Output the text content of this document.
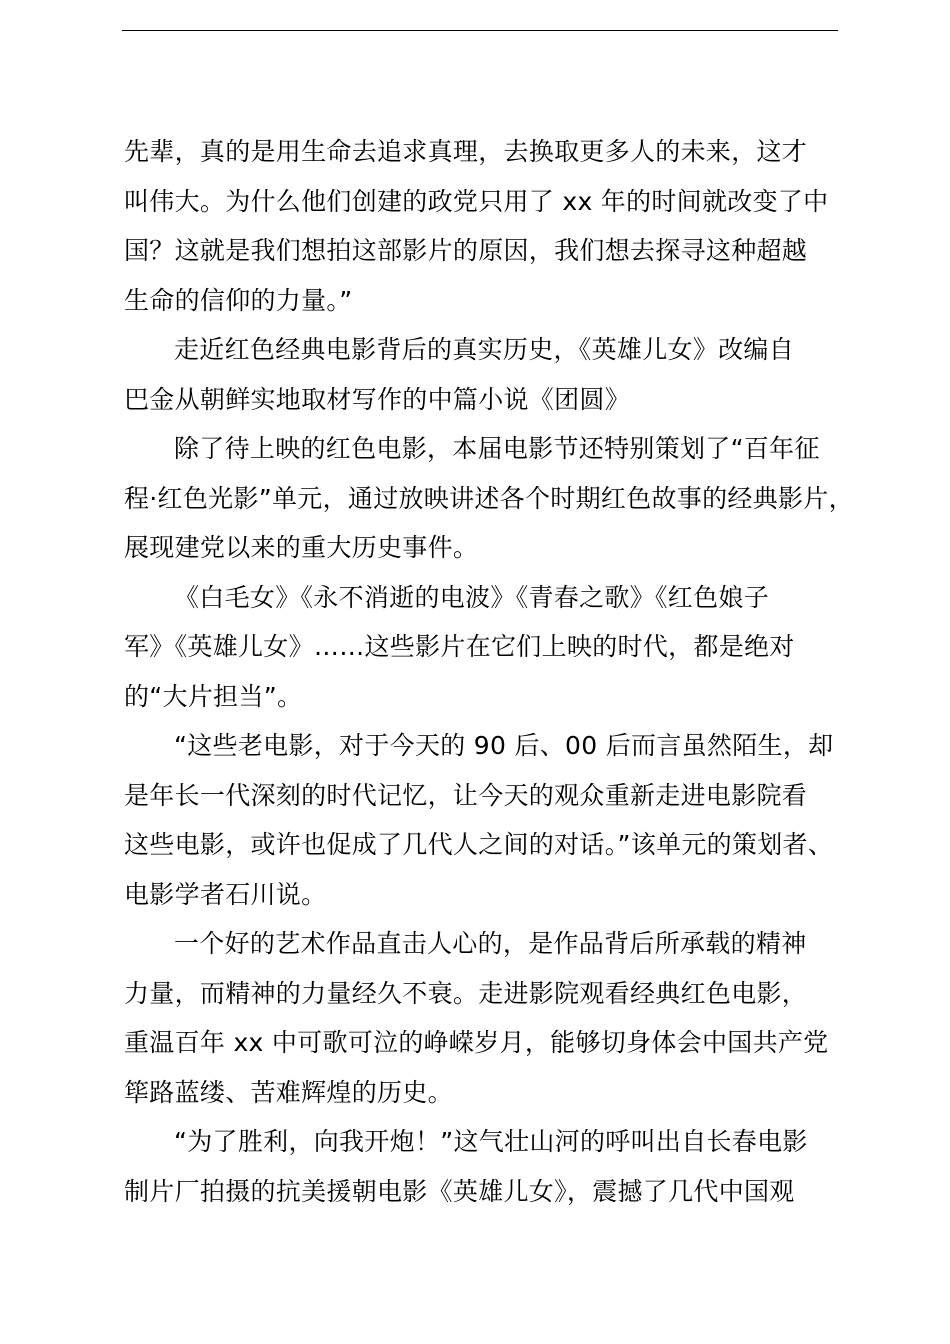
先辈，真的是用生命去追求真理，去换取更多人的未来，这才
叫伟大。为什么他们创建的政党只用了 xx 年的时间就改变了中
国？这就是我们想拍这部影片的原因，我们想去探寻这种超越
生命的信仰的力量。”
走近红色经典电影背后的真实历史，《英雄儿女》改编自
巴金从朝鲜实地取材写作的中篇小说《团圆》
除了待上映的红色电影，本届电影节还特别策划了“百年征
程·红色光影”单元，通过放映讲述各个时期红色故事的经典影片，
展现建党以来的重大历史事件。
《白毛女》《永不消逝的电波》《青春之歌》《红色娘子
军》《英雄儿女》……这些影片在它们上映的时代，都是绝对
的“大片担当”。
“这些老电影，对于今天的 90 后、00 后而言虽然陌生，却
是年长一代深刻的时代记忆，让今天的观众重新走进电影院看
这些电影，或许也促成了几代人之间的对话。”该单元的策划者、
电影学者石川说。
一个好的艺术作品直击人心的，是作品背后所承载的精神
力量，而精神的力量经久不衰。走进影院观看经典红色电影，
重温百年 xx 中可歌可泣的峥嵘岁月，能够切身体会中国共产党
筚路蓝缕、苦难辉煌的历史。
“为了胜利，向我开炮！”这气壮山河的呼叫出自长春电影
制片厂拍摄的抗美援朝电影《英雄儿女》，震撼了几代中国观
